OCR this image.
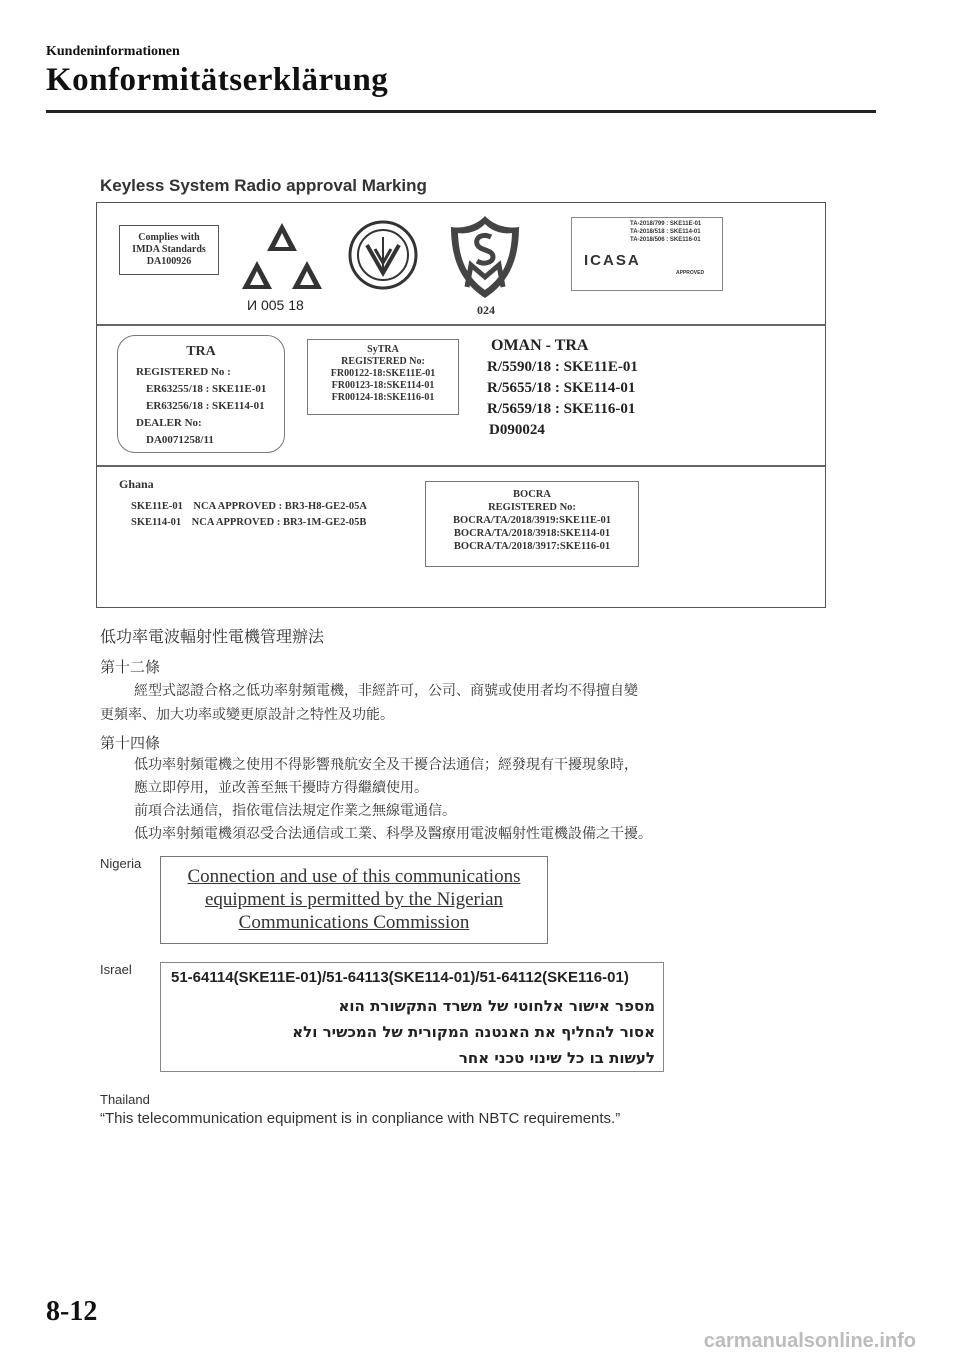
Kundeninformationen
Konformitätserklärung
Keyless System Radio approval Marking
Complies with
IMDA Standards
DA100926
И 005 18	024
ICASA
TA-2018/799 : SKE11E-01
TA-2018/518 : SKE114-01
TA-2018/506 : SKE116-01
APPROVED
TRA
REGISTERED No :
ER63255/18 : SKE11E-01
ER63256/18 : SKE114-01
DEALER No:
DA0071258/11
SyTRA
REGISTERED No:
FR00122-18:SKE11E-01
FR00123-18:SKE114-01
FR00124-18:SKE116-01
OMAN - TRA
R/5590/18 : SKE11E-01
R/5655/18 : SKE114-01
R/5659/18 : SKE116-01
D090024
Ghana
SKE11E-01    NCA APPROVED : BR3-H8-GE2-05A
SKE114-01    NCA APPROVED : BR3-1M-GE2-05B
BOCRA
REGISTERED No:
BOCRA/TA/2018/3919:SKE11E-01
BOCRA/TA/2018/3918:SKE114-01
BOCRA/TA/2018/3917:SKE116-01
低功率電波輻射性電機管理辦法
第十二條
經型式認證合格之低功率射頻電機，非經許可，公司、商號或使用者均不得擅自變
更頻率、加大功率或變更原設計之特性及功能。
第十四條
低功率射頻電機之使用不得影響飛航安全及干擾合法通信；經發現有干擾現象時，
應立即停用，並改善至無干擾時方得繼續使用。
前項合法通信，指依電信法規定作業之無線電通信。
低功率射頻電機須忍受合法通信或工業、科學及醫療用電波輻射性電機設備之干擾。
Nigeria
Connection and use of this communications
equipment is permitted by the Nigerian
Communications Commission
Israel	51-64114(SKE11E-01)/51-64113(SKE114-01)/51-64112(SKE116-01)
מספר אישור אלחוטי של משרד התקשורת הוא
אסור להחליף את האנטנה המקורית של המכשיר ולא
לעשות בו כל שינוי טכני אחר
Thailand
“This telecommunication equipment is in conpliance with NBTC requirements.”
8-12
carmanualsonline.info
